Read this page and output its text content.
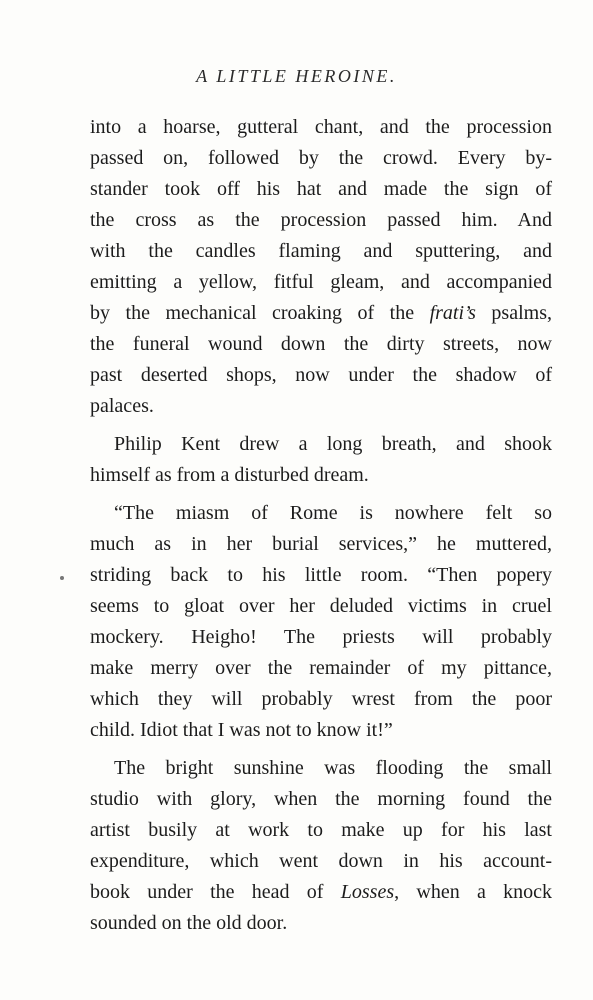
A LITTLE HEROINE.
into a hoarse, gutteral chant, and the procession
passed on, followed by the crowd. Every by-
stander took off his hat and made the sign of
the cross as the procession passed him. And
with the candles flaming and sputtering, and
emitting a yellow, fitful gleam, and accompanied
by the mechanical croaking of the frati’s psalms,
the funeral wound down the dirty streets, now
past deserted shops, now under the shadow of
palaces.
Philip Kent drew a long breath, and shook
himself as from a disturbed dream.
“The miasm of Rome is nowhere felt so
much as in her burial services,” he muttered,
striding back to his little room. “Then popery
seems to gloat over her deluded victims in cruel
mockery. Heigho! The priests will probably
make merry over the remainder of my pittance,
which they will probably wrest from the poor
child. Idiot that I was not to know it!”
The bright sunshine was flooding the small
studio with glory, when the morning found the
artist busily at work to make up for his last
expenditure, which went down in his account-
book under the head of Losses, when a knock
sounded on the old door.
